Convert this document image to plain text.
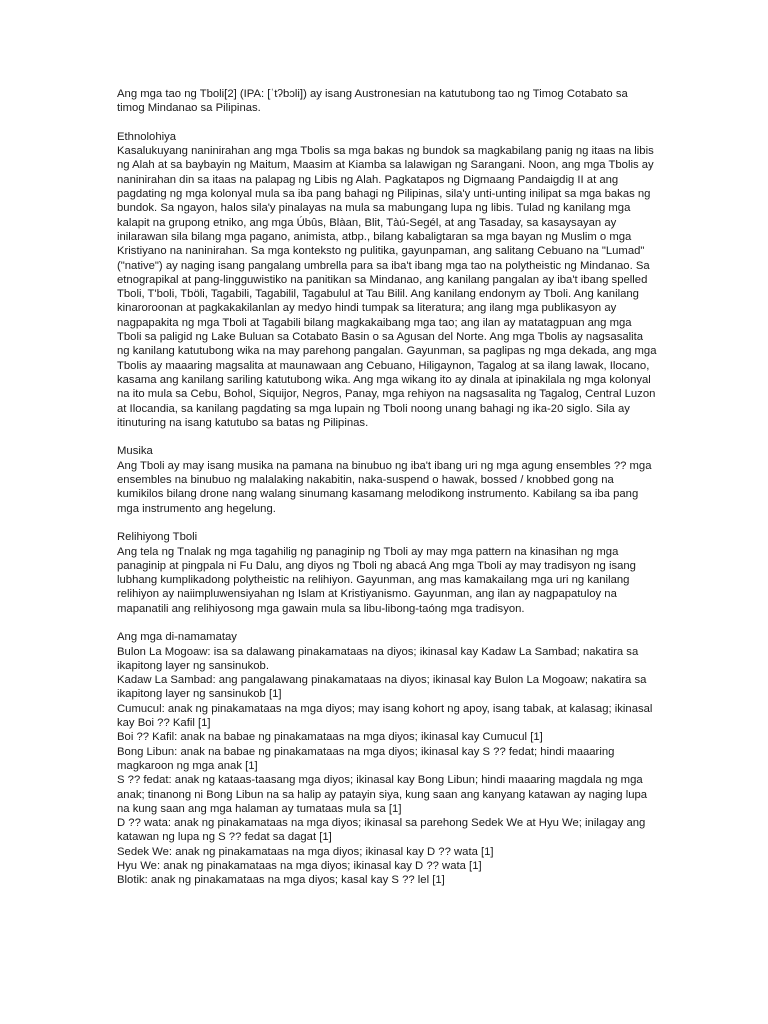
Ang mga tao ng Tboli[2] (IPA: [ˈtʔbɔli]) ay isang Austronesian na katutubong tao ng Timog Cotabato sa timog Mindanao sa Pilipinas.

Ethnolohiya

Kasalukuyang naninirahan ang mga Tbolis sa mga bakas ng bundok sa magkabilang panig ng itaas na libis ng Alah at sa baybayin ng Maitum, Maasim at Kiamba sa lalawigan ng Sarangani. Noon, ang mga Tbolis ay naninirahan din sa itaas na palapag ng Libis ng Alah. Pagkatapos ng Digmaang Pandaigdig II at ang pagdating ng mga kolonyal mula sa iba pang bahagi ng Pilipinas, sila'y unti-unting inilipat sa mga bakas ng bundok. Sa ngayon, halos sila'y pinalayas na mula sa mabungang lupa ng libis. Tulad ng kanilang mga kalapit na grupong etniko, ang mga Úbûs, Blàan, Blit, Tàú-Segél, at ang Tasaday, sa kasaysayan ay inilarawan sila bilang mga pagano, animista, atbp., bilang kabaligtaran sa mga bayan ng Muslim o mga Kristiyano na naninirahan. Sa mga konteksto ng pulitika, gayunpaman, ang salitang Cebuano na "Lumad" ("native") ay naging isang pangalang umbrella para sa iba't ibang mga tao na polytheistic ng Mindanao. Sa etnograpikal at pang-lingguwistiko na panitikan sa Mindanao, ang kanilang pangalan ay iba't ibang spelled Tboli, T'boli, Tböli, Tagabili, Tagabilil, Tagabulul at Tau Bilil. Ang kanilang endonym ay Tboli. Ang kanilang kinaroroonan at pagkakakilanlan ay medyo hindi tumpak sa literatura; ang ilang mga publikasyon ay nagpapakita ng mga Tboli at Tagabili bilang magkakaibang mga tao; ang ilan ay matatagpuan ang mga Tboli sa paligid ng Lake Buluan sa Cotabato Basin o sa Agusan del Norte. Ang mga Tbolis ay nagsasalita ng kanilang katutubong wika na may parehong pangalan. Gayunman, sa paglipas ng mga dekada, ang mga Tbolis ay maaaring magsalita at maunawaan ang Cebuano, Hiligaynon, Tagalog at sa ilang lawak, Ilocano, kasama ang kanilang sariling katutubong wika. Ang mga wikang ito ay dinala at ipinakilala ng mga kolonyal na ito mula sa Cebu, Bohol, Siquijor, Negros, Panay, mga rehiyon na nagsasalita ng Tagalog, Central Luzon at Ilocandia, sa kanilang pagdating sa mga lupain ng Tboli noong unang bahagi ng ika-20 siglo. Sila ay itinuturing na isang katutubo sa batas ng Pilipinas.

Musika

Ang Tboli ay may isang musika na pamana na binubuo ng iba't ibang uri ng mga agung ensembles ?? mga ensembles na binubuo ng malalaking nakabitin, naka-suspend o hawak, bossed / knobbed gong na kumikilos bilang drone nang walang sinumang kasamang melodikong instrumento. Kabilang sa iba pang mga instrumento ang hegelung.

Relihiyong Tboli

Ang tela ng Tnalak ng mga tagahilig ng panaginip ng Tboli ay may mga pattern na kinasihan ng mga panaginip at pingpala ni Fu Dalu, ang diyos ng Tboli ng abacá Ang mga Tboli ay may tradisyon ng isang lubhang kumplikadong polytheistic na relihiyon. Gayunman, ang mas kamakailang mga uri ng kanilang relihiyon ay naiimpluwensiyahan ng Islam at Kristiyanismo. Gayunman, ang ilan ay nagpapatuloy na mapanatili ang relihiyosong mga gawain mula sa libu-libong-taóng mga tradisyon.

Ang mga di-namamatay
Bulon La Mogoaw: isa sa dalawang pinakamataas na diyos; ikinasal kay Kadaw La Sambad; nakatira sa ikapitong layer ng sansinukob.
Kadaw La Sambad: ang pangalawang pinakamataas na diyos; ikinasal kay Bulon La Mogoaw; nakatira sa ikapitong layer ng sansinukob [1]
Cumucul: anak ng pinakamataas na mga diyos; may isang kohort ng apoy, isang tabak, at kalasag; ikinasal kay Boi ?? Kafil [1]
Boi ?? Kafil: anak na babae ng pinakamataas na mga diyos; ikinasal kay Cumucul [1]
Bong Libun: anak na babae ng pinakamataas na mga diyos; ikinasal kay S ?? fedat; hindi maaaring magkaroon ng mga anak [1]
S ?? fedat: anak ng kataas-taasang mga diyos; ikinasal kay Bong Libun; hindi maaaring magdala ng mga anak; tinanong ni Bong Libun na sa halip ay patayin siya, kung saan ang kanyang katawan ay naging lupa na kung saan ang mga halaman ay tumataas mula sa [1]
D ?? wata: anak ng pinakamataas na mga diyos; ikinasal sa parehong Sedek We at Hyu We; inilagay ang katawan ng lupa ng S ?? fedat sa dagat [1]
Sedek We: anak ng pinakamataas na mga diyos; ikinasal kay D ?? wata [1]
Hyu We: anak ng pinakamataas na mga diyos; ikinasal kay D ?? wata [1]
Blotik: anak ng pinakamataas na mga diyos; kasal kay S ?? lel [1]
